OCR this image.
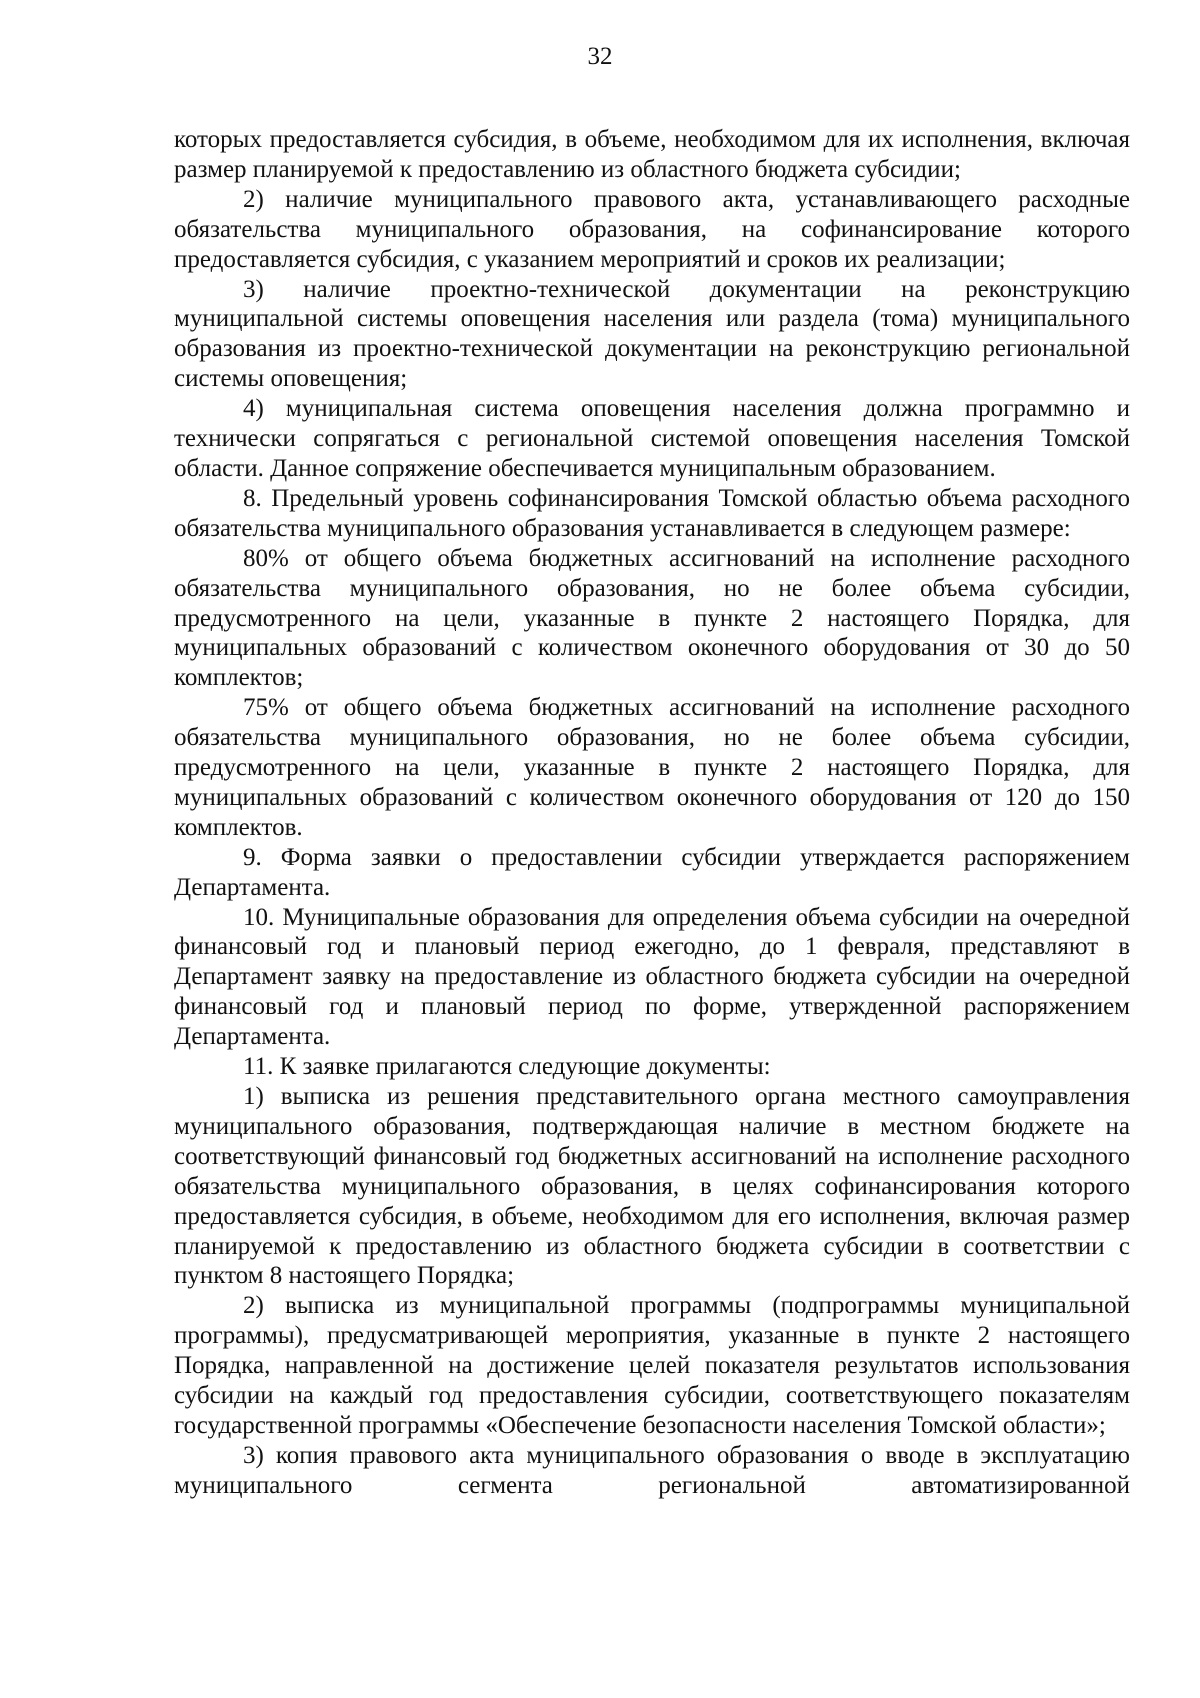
32

которых предоставляется субсидия, в объеме, необходимом для их исполнения, включая размер планируемой к предоставлению из областного бюджета субсидии;

2) наличие муниципального правового акта, устанавливающего расходные обязательства муниципального образования, на софинансирование которого предоставляется субсидия, с указанием мероприятий и сроков их реализации;

3) наличие проектно-технической документации на реконструкцию муниципальной системы оповещения населения или раздела (тома) муниципального образования из проектно-технической документации на реконструкцию региональной системы оповещения;

4) муниципальная система оповещения населения должна программно и технически сопрягаться с региональной системой оповещения населения Томской области. Данное сопряжение обеспечивается муниципальным образованием.

8. Предельный уровень софинансирования Томской областью объема расходного обязательства муниципального образования устанавливается в следующем размере:

80% от общего объема бюджетных ассигнований на исполнение расходного обязательства муниципального образования, но не более объема субсидии, предусмотренного на цели, указанные в пункте 2 настоящего Порядка, для муниципальных образований с количеством оконечного оборудования от 30 до 50 комплектов;

75% от общего объема бюджетных ассигнований на исполнение расходного обязательства муниципального образования, но не более объема субсидии, предусмотренного на цели, указанные в пункте 2 настоящего Порядка, для муниципальных образований с количеством оконечного оборудования от 120 до 150 комплектов.

9. Форма заявки о предоставлении субсидии утверждается распоряжением Департамента.

10. Муниципальные образования для определения объема субсидии на очередной финансовый год и плановый период ежегодно, до 1 февраля, представляют в Департамент заявку на предоставление из областного бюджета субсидии на очередной финансовый год и плановый период по форме, утвержденной распоряжением Департамента.

11. К заявке прилагаются следующие документы:

1) выписка из решения представительного органа местного самоуправления муниципального образования, подтверждающая наличие в местном бюджете на соответствующий финансовый год бюджетных ассигнований на исполнение расходного обязательства муниципального образования, в целях софинансирования которого предоставляется субсидия, в объеме, необходимом для его исполнения, включая размер планируемой к предоставлению из областного бюджета субсидии в соответствии с пунктом 8 настоящего Порядка;

2) выписка из муниципальной программы (подпрограммы муниципальной программы), предусматривающей мероприятия, указанные в пункте 2 настоящего Порядка, направленной на достижение целей показателя результатов использования субсидии на каждый год предоставления субсидии, соответствующего показателям государственной программы «Обеспечение безопасности населения Томской области»;

3) копия правового акта муниципального образования о вводе в эксплуатацию муниципального сегмента региональной автоматизированной
